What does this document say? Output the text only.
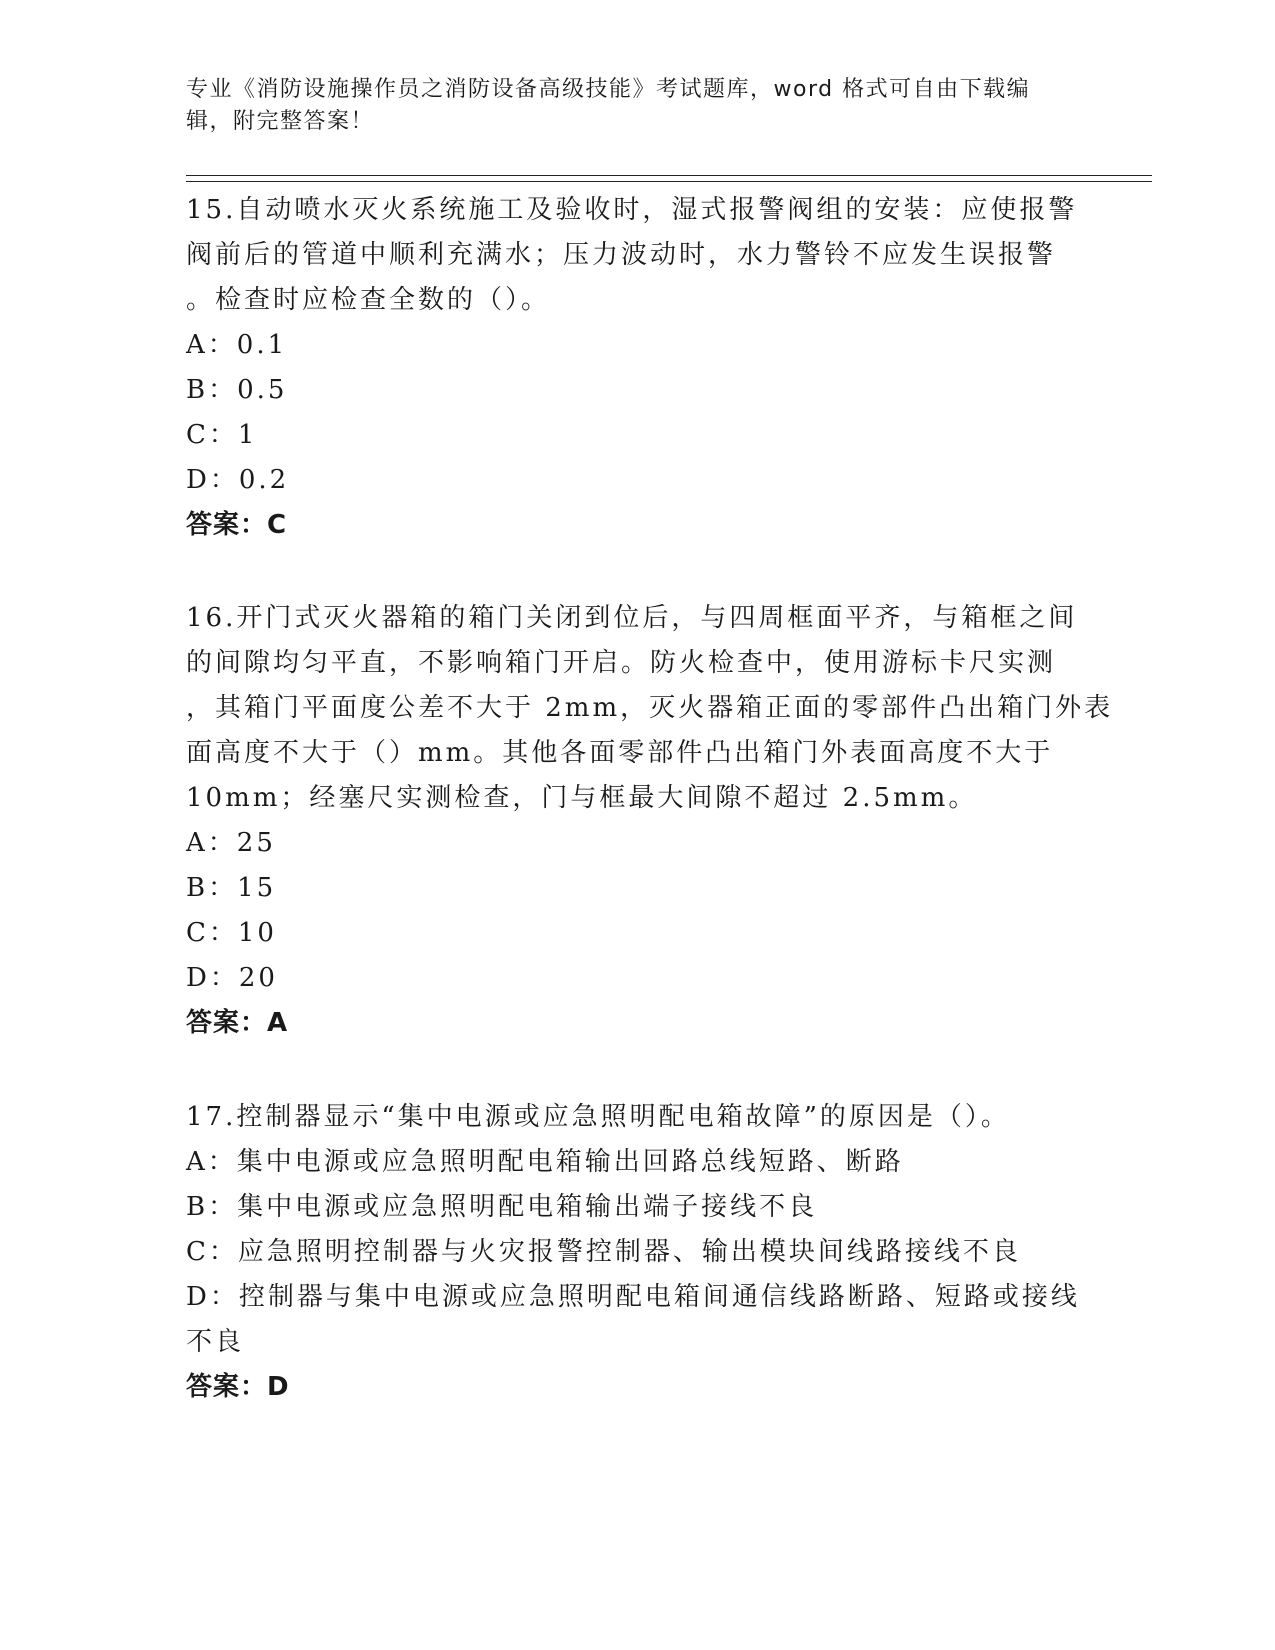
专业《消防设施操作员之消防设备高级技能》考试题库，word 格式可自由下载编
辑，附完整答案！

15.自动喷水灭火系统施工及验收时，湿式报警阀组的安装：应使报警
阀前后的管道中顺利充满水；压力波动时，水力警铃不应发生误报警
。检查时应检查全数的（）。

A：0.1

B：0.5

C：1

D：0.2

答案：C

16.开门式灭火器箱的箱门关闭到位后，与四周框面平齐，与箱框之间
的间隙均匀平直，不影响箱门开启。防火检查中，使用游标卡尺实测
，其箱门平面度公差不大于 2mm，灭火器箱正面的零部件凸出箱门外表
面高度不大于（）mm。其他各面零部件凸出箱门外表面高度不大于
10mm；经塞尺实测检查，门与框最大间隙不超过 2.5mm。

A：25

B：15

C：10

D：20

答案：A

17.控制器显示“集中电源或应急照明配电箱故障”的原因是（）。

A：集中电源或应急照明配电箱输出回路总线短路、断路

B：集中电源或应急照明配电箱输出端子接线不良

C：应急照明控制器与火灾报警控制器、输出模块间线路接线不良

D：控制器与集中电源或应急照明配电箱间通信线路断路、短路或接线
不良

答案：D
